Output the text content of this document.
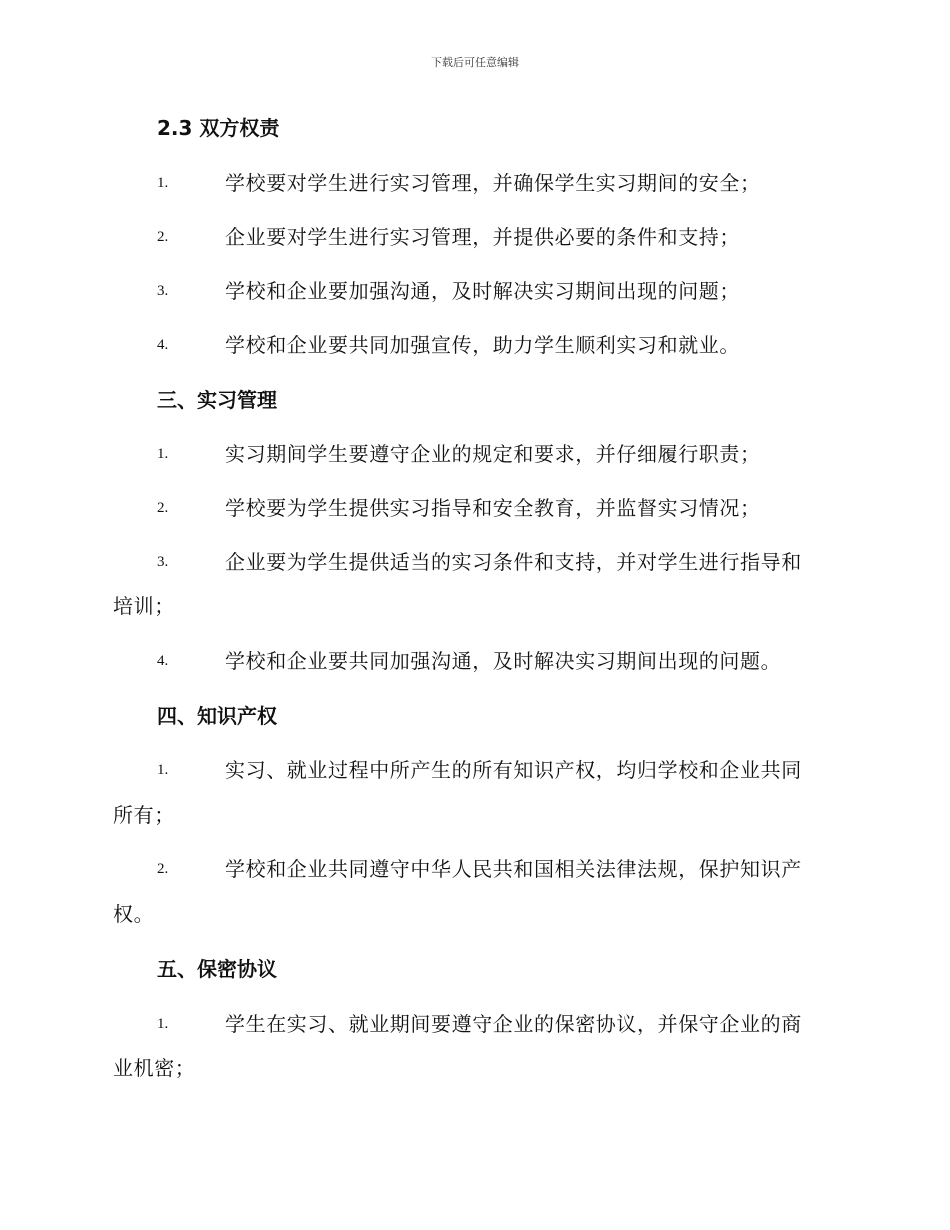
下载后可任意编辑
2.3 双方权责
1.	学校要对学生进行实习管理，并确保学生实习期间的安全；
2.	企业要对学生进行实习管理，并提供必要的条件和支持；
3.	学校和企业要加强沟通，及时解决实习期间出现的问题；
4.	学校和企业要共同加强宣传，助力学生顺利实习和就业。
三、实习管理
1.	实习期间学生要遵守企业的规定和要求，并仔细履行职责；
2.	学校要为学生提供实习指导和安全教育，并监督实习情况；
3.	企业要为学生提供适当的实习条件和支持，并对学生进行指导和
培训；
4.	学校和企业要共同加强沟通，及时解决实习期间出现的问题。
四、知识产权
1.	实习、就业过程中所产生的所有知识产权，均归学校和企业共同
所有；
2.	学校和企业共同遵守中华人民共和国相关法律法规，保护知识产
权。
五、保密协议
1.	学生在实习、就业期间要遵守企业的保密协议，并保守企业的商
业机密；
